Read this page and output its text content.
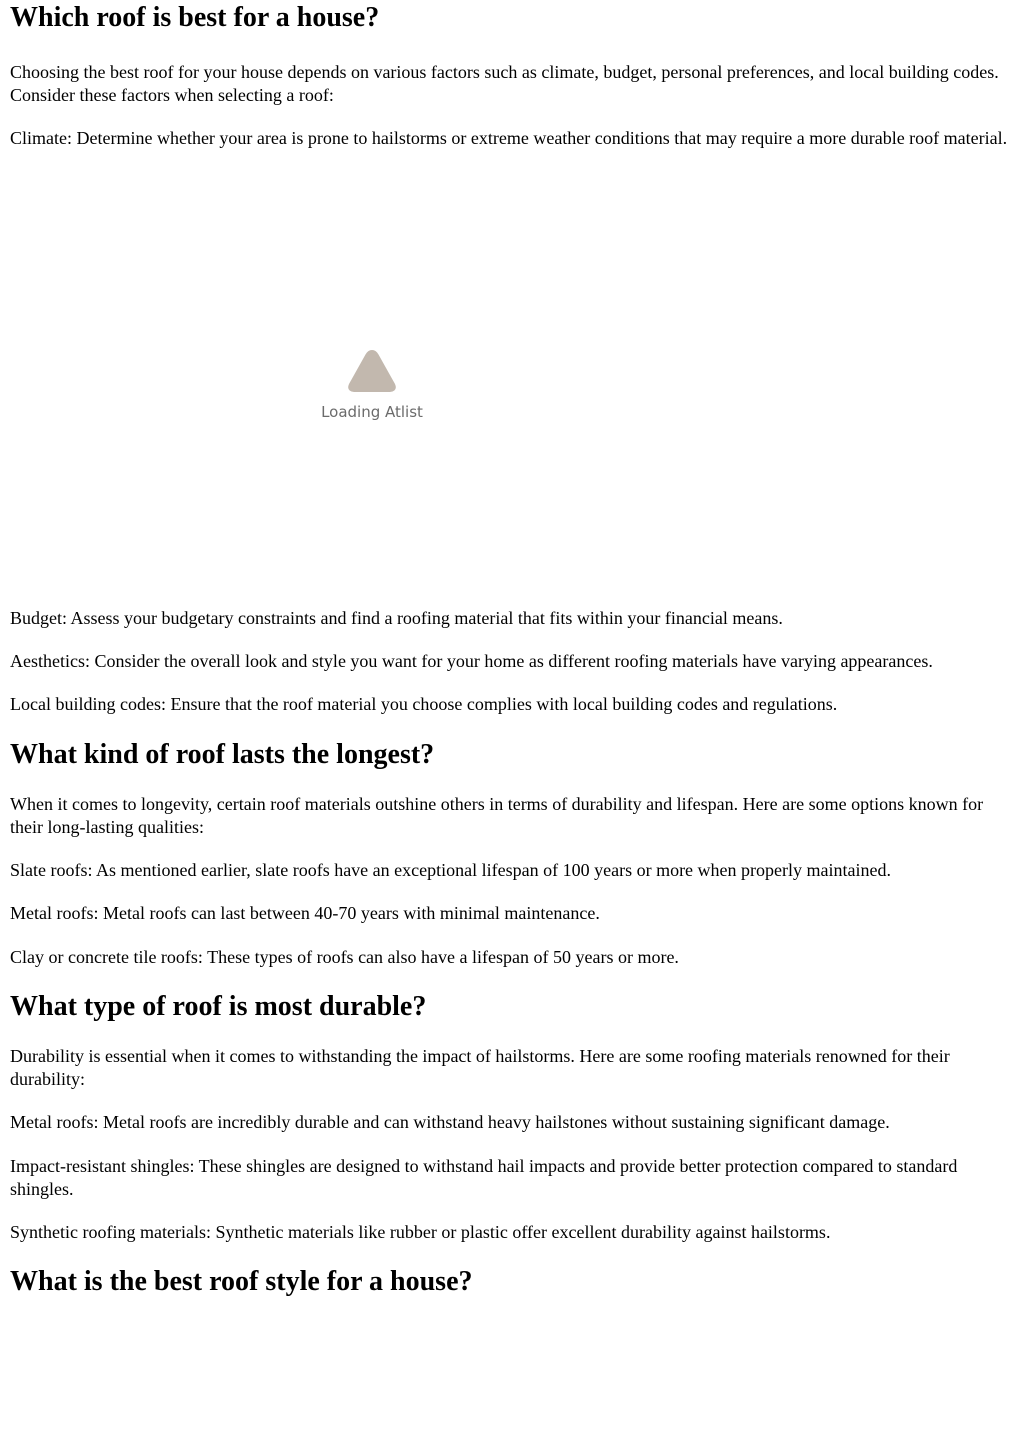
Which roof is best for a house?

Choosing the best roof for your house depends on various factors such as climate, budget, personal preferences, and local building codes. Consider these factors when selecting a roof:

Climate: Determine whether your area is prone to hailstorms or extreme weather conditions that may require a more durable roof material.

Loading Atlist

Budget: Assess your budgetary constraints and find a roofing material that fits within your financial means.

Aesthetics: Consider the overall look and style you want for your home as different roofing materials have varying appearances.

Local building codes: Ensure that the roof material you choose complies with local building codes and regulations.

What kind of roof lasts the longest?

When it comes to longevity, certain roof materials outshine others in terms of durability and lifespan. Here are some options known for their long-lasting qualities:

Slate roofs: As mentioned earlier, slate roofs have an exceptional lifespan of 100 years or more when properly maintained.

Metal roofs: Metal roofs can last between 40-70 years with minimal maintenance.

Clay or concrete tile roofs: These types of roofs can also have a lifespan of 50 years or more.

What type of roof is most durable?

Durability is essential when it comes to withstanding the impact of hailstorms. Here are some roofing materials renowned for their durability:

Metal roofs: Metal roofs are incredibly durable and can withstand heavy hailstones without sustaining significant damage.

Impact-resistant shingles: These shingles are designed to withstand hail impacts and provide better protection compared to standard shingles.

Synthetic roofing materials: Synthetic materials like rubber or plastic offer excellent durability against hailstorms.

What is the best roof style for a house?
